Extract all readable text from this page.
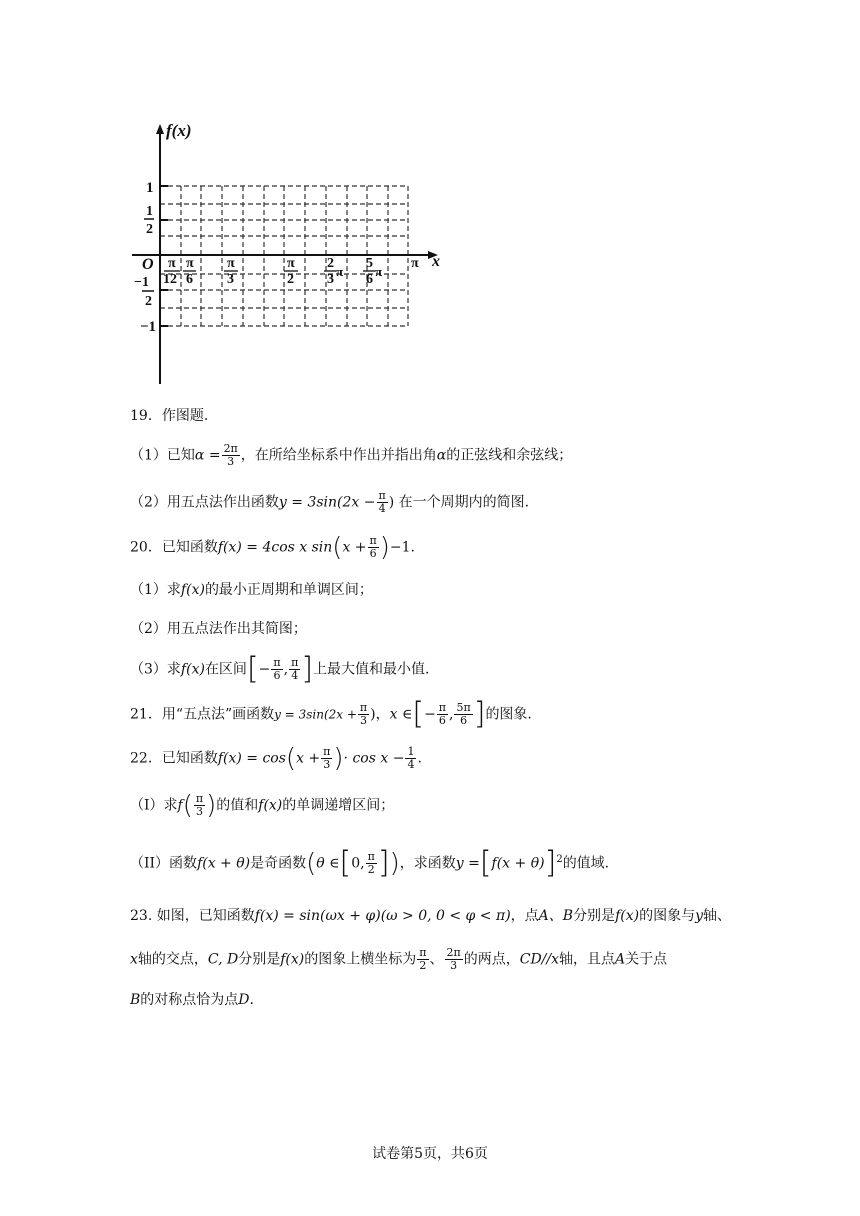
f(x)
x
O
1
1
2
−1
2
−1
π
12
π
6
π
3
π
2
2
3
π
5
6
π
π
19．作图题.
（1）已知$\alpha = \frac{2\pi}{3}$ ，在所给坐标系中作出并指出角α的正弦线和余弦线；
（2）用五点法作出函数$y = 3\sin(2x - \frac{\pi}{4}$ ) 在一个周期内的简图.
20．已知函数f(x) = 4cos x $\sin(x + \frac{\pi}{6} )-1$.
（1）求f(x)的最小正周期和单调区间；
（2）用五点法作出其简图；
（3）求f(x)在区间[− $\frac{\pi}{6}$ , $\frac{\pi}{4}$ ]上最大值和最小值.
21．用“五点法”画函数$y = 3\sin(2x + \frac{\pi}{3}$ )，x ∈[− $\frac{\pi}{6}$ , $\frac{5\pi}{6}$ ]的图象.
22．已知函数$f(x) = \cos(x + \frac{\pi}{3}$ )· $\cos x - \frac{1}{4}$ .
（I）求$f( \frac{\pi}{3}$ )的值和f(x)的单调递增区间；
（II）函数f(x + θ)是奇函数(θ ∈[0, $\frac{\pi}{2}$ ])，求函数$y =[f(x + \theta)]^2$的值域.
23. 如图，已知函数f(x) = sin(ωx + φ)(ω > 0, 0 < φ < π)，点A、B分别是f(x)的图象与y轴、
x轴的交点，C, D分别是f(x)的图象上横坐标为 $\frac{\pi}{2}$ 、 $\frac{2\pi}{3}$ 的两点，CD//x轴，且点A关于点
B的对称点恰为点D.
试卷第5页，共6页
